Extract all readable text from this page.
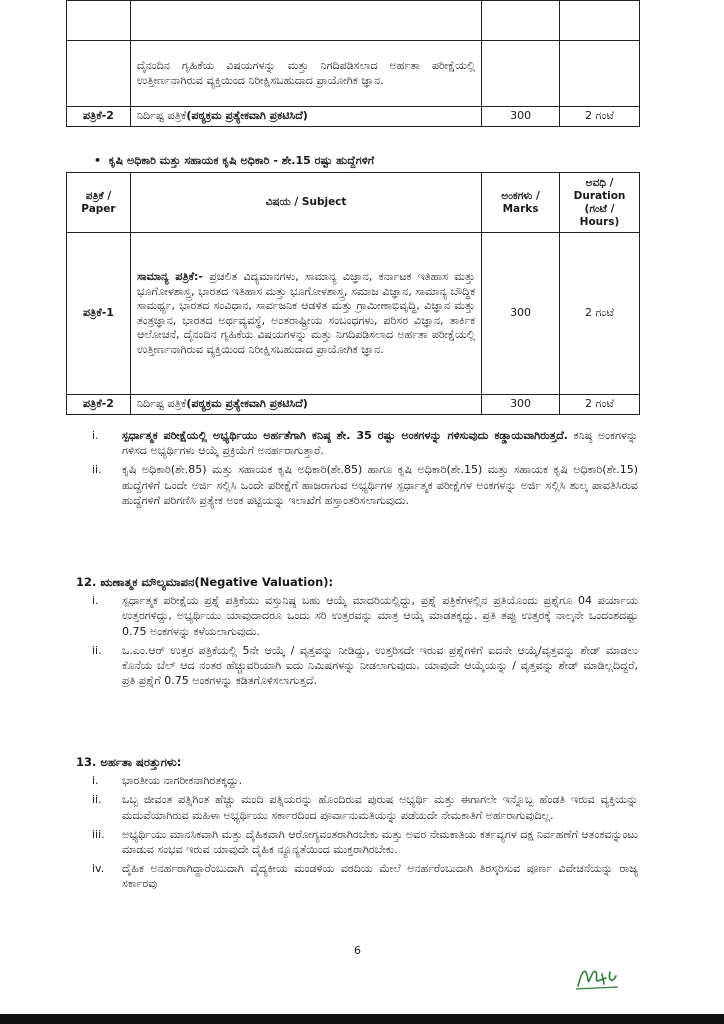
	ದೈನಂದಿನ ಗೃಹಿಕೆಯ ವಿಷಯಗಳನ್ನು ಮತ್ತು ನಿಗದಿಪಡಿಸಲಾದ ಅರ್ಹತಾ ಪರೀಕ್ಷೆಯಲ್ಲಿ ಉತ್ತೀರ್ಣನಾಗಿರುವ ವ್ಯಕ್ತಿಯಿಂದ ನಿರೀಕ್ಷಿಸಬಹುದಾದ ಪ್ರಾಯೋಗಿಕ ಜ್ಞಾನ.		
ಪತ್ರಿಕೆ-2	ನಿರ್ದಿಷ್ಟ ಪತ್ರಿಕೆ(ಪಠ್ಯಕ್ರಮ ಪ್ರತ್ಯೇಕವಾಗಿ ಪ್ರಕಟಿಸಿದೆ)	300	2 ಗಂಟೆ
•  ಕೃಷಿ ಅಧಿಕಾರಿ ಮತ್ತು ಸಹಾಯಕ ಕೃಷಿ ಅಧಿಕಾರಿ - ಶೇ.15 ರಷ್ಟು ಹುದ್ದೆಗಳಿಗೆ
ಪತ್ರಿಕೆ / Paper	ವಿಷಯ / Subject	ಅಂಕಗಳು / Marks	ಅವಧಿ / Duration (ಗಂಟೆ / Hours)
ಪತ್ರಿಕೆ-1	ಸಾಮಾನ್ಯ ಪತ್ರಿಕೆ:- ಪ್ರಚಲಿತ ವಿದ್ಯಮಾನಗಳು, ಸಾಮಾನ್ಯ ವಿಜ್ಞಾನ, ಕರ್ನಾಟಕ ಇತಿಹಾಸ ಮತ್ತು ಭೂಗೋಳಶಾಸ್ತ್ರ, ಭಾರತದ ಇತಿಹಾಸ ಮತ್ತು ಭೂಗೋಳಶಾಸ್ತ್ರ, ಸಮಾಜ ವಿಜ್ಞಾನ, ಸಾಮಾನ್ಯ ಬೌದ್ಧಿಕ ಸಾಮರ್ಥ್ಯ, ಭಾರತದ ಸಂವಿಧಾನ, ಸಾರ್ವಜನಿಕ ಆಡಳಿತ ಮತ್ತು ಗ್ರಾಮೀಣಾಭಿವೃದ್ಧಿ, ವಿಜ್ಞಾನ ಮತ್ತು ತಂತ್ರಜ್ಞಾನ, ಭಾರತದ ಅರ್ಥವ್ಯವಸ್ಥೆ, ಅಂತರಾಷ್ಟ್ರೀಯ ಸಂಬಂಧಗಳು, ಪರಿಸರ ವಿಜ್ಞಾನ, ತಾರ್ಕಿಕ ಆಲೋಚನೆ, ದೈನಂದಿನ ಗೃಹಿಕೆಯ ವಿಷಯಗಳನ್ನು ಮತ್ತು ನಿಗದಿಪಡಿಸಲಾದ ಅರ್ಹತಾ ಪರೀಕ್ಷೆಯಲ್ಲಿ ಉತ್ತೀರ್ಣನಾಗಿರುವ ವ್ಯಕ್ತಿಯಿಂದ ನಿರೀಕ್ಷಿಸಬಹುದಾದ ಪ್ರಾಯೋಗಿಕ ಜ್ಞಾನ.	300	2 ಗಂಟೆ
ಪತ್ರಿಕೆ-2	ನಿರ್ದಿಷ್ಟ ಪತ್ರಿಕೆ(ಪಠ್ಯಕ್ರಮ ಪ್ರತ್ಯೇಕವಾಗಿ ಪ್ರಕಟಿಸಿದೆ)	300	2 ಗಂಟೆ
i. ಸ್ಪರ್ಧಾತ್ಮಕ ಪರೀಕ್ಷೆಯಲ್ಲಿ ಅಭ್ಯರ್ಥಿಯು ಅರ್ಹತೆಗಾಗಿ ಕನಿಷ್ಠ ಶೇ. 35 ರಷ್ಟು ಅಂಕಗಳನ್ನು ಗಳಿಸುವುದು ಕಡ್ಡಾಯವಾಗಿರುತ್ತದೆ. ಕನಿಷ್ಠ ಅಂಕಗಳನ್ನು ಗಳಿಸದ ಅಭ್ಯರ್ಥಿಗಳು ಆಯ್ಕೆ ಪ್ರಕ್ರಿಯೆಗೆ ಅನರ್ಹರಾಗುತ್ತಾರೆ.
ii. ಕೃಷಿ ಅಧಿಕಾರಿ(ಶೇ.85) ಮತ್ತು ಸಹಾಯಕ ಕೃಷಿ ಅಧಿಕಾರಿ(ಶೇ.85) ಹಾಗೂ ಕೃಷಿ ಅಧಿಕಾರಿ(ಶೇ.15) ಮತ್ತು ಸಹಾಯಕ ಕೃಷಿ ಅಧಿಕಾರಿ(ಶೇ.15) ಹುದ್ದೆಗಳಿಗೆ ಒಂದೇ ಅರ್ಜಿ ಸಲ್ಲಿಸಿ ಒಂದೇ ಪರೀಕ್ಷೆಗೆ ಹಾಜರಾಗುವ ಅಭ್ಯರ್ಥಿಗಳ ಸ್ಪರ್ಧಾತ್ಮಕ ಪರೀಕ್ಷೆಗಳ ಅಂಕಗಳನ್ನು ಅರ್ಜಿ ಸಲ್ಲಿಸಿ ಶುಲ್ಕ ಪಾವತಿಸಿರುವ ಹುದ್ದೆಗಳಿಗೆ ಪರಿಗಣಿಸಿ ಪ್ರತ್ಯೇಕ ಅಂಕ ಪಟ್ಟಿಯನ್ನು ಇಲಾಖೆಗೆ ಹಸ್ತಾಂತರಿಸಲಾಗುವುದು.
12. ಋಣಾತ್ಮಕ ಮೌಲ್ಯಮಾಪನ(Negative Valuation):
i. ಸ್ಪರ್ಧಾತ್ಮಕ ಪರೀಕ್ಷೆಯ ಪ್ರಶ್ನೆ ಪತ್ರಿಕೆಯು ವಸ್ತುನಿಷ್ಠ ಬಹು ಆಯ್ಕೆ ಮಾದರಿಯಲ್ಲಿದ್ದು, ಪ್ರಶ್ನೆ ಪತ್ರಿಕೆಗಳಲ್ಲಿನ ಪ್ರತಿಯೊಂದು ಪ್ರಶ್ನೆಗೂ 04 ಪರ್ಯಾಯ ಉತ್ತರಗಳಿದ್ದು, ಅಭ್ಯರ್ಥಿಯು ಯಾವುದಾದರೂ ಒಂದು ಸರಿ ಉತ್ತರವನ್ನು ಮಾತ್ರ ಆಯ್ಕೆ ಮಾಡತಕ್ಕದ್ದು. ಪ್ರತಿ ತಪ್ಪು ಉತ್ತರಕ್ಕೆ ನಾಲ್ಕನೇ ಒಂದಂಶದಷ್ಟು 0.75 ಅಂಕಗಳನ್ನು ಕಳೆಯಲಾಗುವುದು.
ii. ಒ.ಎಂ.ಆರ್ ಉತ್ತರ ಪತ್ರಿಕೆಯಲ್ಲಿ 5ನೇ ಆಯ್ಕೆ / ವೃತ್ತವನ್ನು ನೀಡಿದ್ದು, ಉತ್ತರಿಸದೇ ಇರುವ ಪ್ರಶ್ನೆಗಳಿಗೆ ಐದನೇ ಆಯ್ಕೆ/ವೃತ್ತವನ್ನು ಶೇಡ್ ಮಾಡಲು ಕೊನೆಯ ಬೆಲ್ ಆದ ನಂತರ ಹೆಚ್ಚುವರಿಯಾಗಿ ಐದು ನಿಮಿಷಗಳನ್ನು ನೀಡಲಾಗುವುದು. ಯಾವುದೇ ಆಯ್ಕೆಯನ್ನು / ವೃತ್ತವನ್ನು ಶೇಡ್ ಮಾಡಿಲ್ಲದಿದ್ದರೆ, ಪ್ರತಿ ಪ್ರಶ್ನೆಗೆ 0.75 ಅಂಕಗಳನ್ನು ಕಡಿತಗೊಳಿಸಲಾಗುತ್ತದೆ.
13. ಅರ್ಹತಾ ಷರತ್ತುಗಳು:
i. ಭಾರತೀಯ ನಾಗರೀಕನಾಗಿರತಕ್ಕದ್ದು.
ii. ಒಬ್ಬ ಜೀವಂತ ಪತ್ನಿಗಿಂತ ಹೆಚ್ಚು ಮಂದಿ ಪತ್ನಿಯರನ್ನು ಹೊಂದಿರುವ ಪುರುಷ ಅಭ್ಯರ್ಥಿ ಮತ್ತು ಈಗಾಗಲೇ ಇನ್ನೊಬ್ಬ ಹೆಂಡತಿ ಇರುವ ವ್ಯಕ್ತಿಯನ್ನು ಮದುವೆಯಾಗಿರುವ ಮಹಿಳಾ ಅಭ್ಯರ್ಥಿಯು ಸರ್ಕಾರದಿಂದ ಪೂರ್ವಾನುಮತಿಯನ್ನು ಪಡೆಯದೇ ನೇಮಕಾತಿಗೆ ಅರ್ಹರಾಗುವುದಿಲ್ಲ.
iii. ಅಭ್ಯರ್ಥಿಯು ಮಾನಸಿಕವಾಗಿ ಮತ್ತು ದೈಹಿಕವಾಗಿ ಆರೋಗ್ಯವಂತರಾಗಿರಬೇಕು ಮತ್ತು ಅವರ ನೇಮಕಾತಿಯ ಕರ್ತವ್ಯಗಳ ದಕ್ಷ ನಿರ್ವಹಣೆಗೆ ಆತಂಕವನ್ನುಂಟು ಮಾಡುವ ಸಂಭವ ಇರುವ ಯಾವುದೇ ದೈಹಿಕ ನ್ಯೂನ್ಯತೆಯಿಂದ ಮುಕ್ತರಾಗಿರಬೇಕು.
iv. ದೈಹಿಕ ಅನರ್ಹರಾಗಿದ್ದಾರೆಂಬುದಾಗಿ ವೈದ್ಯಕೀಯ ಮಂಡಳಿಯ ವರದಿಯ ಮೇಲೆ ಅನರ್ಹರೆಂಬುದಾಗಿ ತಿರಸ್ಕರಿಸುವ ಪೂರ್ಣ ವಿವೇಚನೆಯನ್ನು ರಾಜ್ಯ ಸರ್ಕಾರವು
6
